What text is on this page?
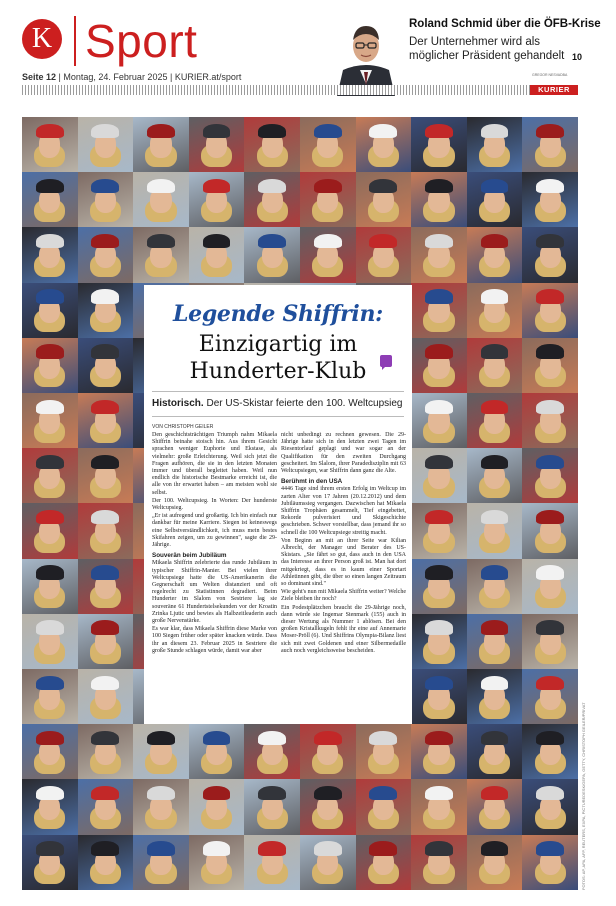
K Sport
Seite 12 | Montag, 24. Februar 2025 | KURIER.at/sport
Roland Schmid über die ÖFB-Krise
Der Unternehmer wird als möglicher Präsident gehandelt 10
GREGOR NESVADBA
KURIER
FOTOS: AP, APA, AFP, REUTERS, EXPA, PICTUREDESK/GEPA, GETTY, CHRISTOPH GEILER/PRIVAT
Legende Shiffrin:
Einzigartig im
Hunderter-Klub
Historisch. Der US-Skistar feierte den 100. Weltcupsieg
VON CHRISTOPH GEILER

Den geschichtsträchtigen Triumph nahm Mikaela Shiffrin beinahe stoisch hin. Aus ihrem Gesicht sprachen weniger Euphorie und Ekstase, als vielmehr: große Erleichterung. Weil sich jetzt die Fragen aufhören, die sie in den letzten Monaten immer und überall begleitet haben. Weil nun endlich die historische Bestmarke erreicht ist, die alle von ihr erwartet haben – am meisten wohl sie selbst.

Der 100. Weltcupsieg. In Worten: Der hunderste Weltcupsieg.

„Er ist aufregend und großartig. Ich bin einfach nur dankbar für meine Karriere. Siegen ist keineswegs eine Selbstverständlichkeit, ich muss mein bestes Skifahren zeigen, um zu gewinnen", sagte die 29-Jährige.

Souverän beim Jubiläum

Mikaela Shiffrin zelebrierte das runde Jubiläum in typischer Shiffrin-Manier. Bei vielen ihrer Weltcupsiege hatte die US-Amerikanerin die Gegnerschaft um Welten distanziert und oft regelrecht zu Statistinnen degradiert. Beim Hunderter im Slalom von Sestriere lag sie souveräne 61 Hundertstelsekunden vor der Kroatin Zrinka Ljutic und bewies als Halbzeitleaderin auch große Nervenstärke.

Es war klar, dass Mikaela Shiffrin diese Marke von 100 Siegen früher oder später knacken würde. Dass ihr an diesem 23. Februar 2025 in Sestriere die große Stunde schlagen würde, damit war aber

nicht unbedingt zu rechnen gewesen. Die 29-Jährige hatte sich in den letzten zwei Tagen im Riesentorlauf geplagt und war sogar an der Qualifikation für den zweiten Durchgang gescheitert. Im Slalom, ihrer Paradedisziplin mit 63 Weltcupsiegen, war Shiffrin dann ganz die Alte.

Berühmt in den USA

4446 Tage sind ihrem ersten Erfolg im Weltcup im zarten Alter von 17 Jahren (20.12.2012) und dem Jubiläumssieg vergangen. Dazwischen hat Mikaela Shiffrin Trophäen gesammelt, Tief eingebettet, Rekorde pulverisiert und Skigeschichte geschrieben. Schwer vorstellbar, dass jemand ihr so schnell die 100 Weltcupsiege streitig macht.

Von Beginn an mit an ihrer Seite war Kilian Albrecht, der Manager und Berater des US-Skistars. „Sie fährt so gut, dass auch in den USA das Interesse an ihrer Person groß ist. Man hat dort mitgekriegt, dass es in kaum einer Sportart Athletinnen gibt, die über so einen langen Zeitraum so dominant sind."

Wie geht's nun mit Mikaela Shiffrin weiter? Welche Ziele bleiben ihr noch?

Ein Podestplätzchen braucht die 29-Jährige noch, dann würde sie Ingemar Stenmark (155) auch in dieser Wertung als Nummer 1 ablösen. Bei den großen Kristallkugeln fehlt ihr eine auf Annemarie Moser-Pröll (6). Und Shiffrins Olympia-Bilanz liest sich mit zwei Goldenen und einer Silbermedaille auch noch vergleichsweise bescheiden.
